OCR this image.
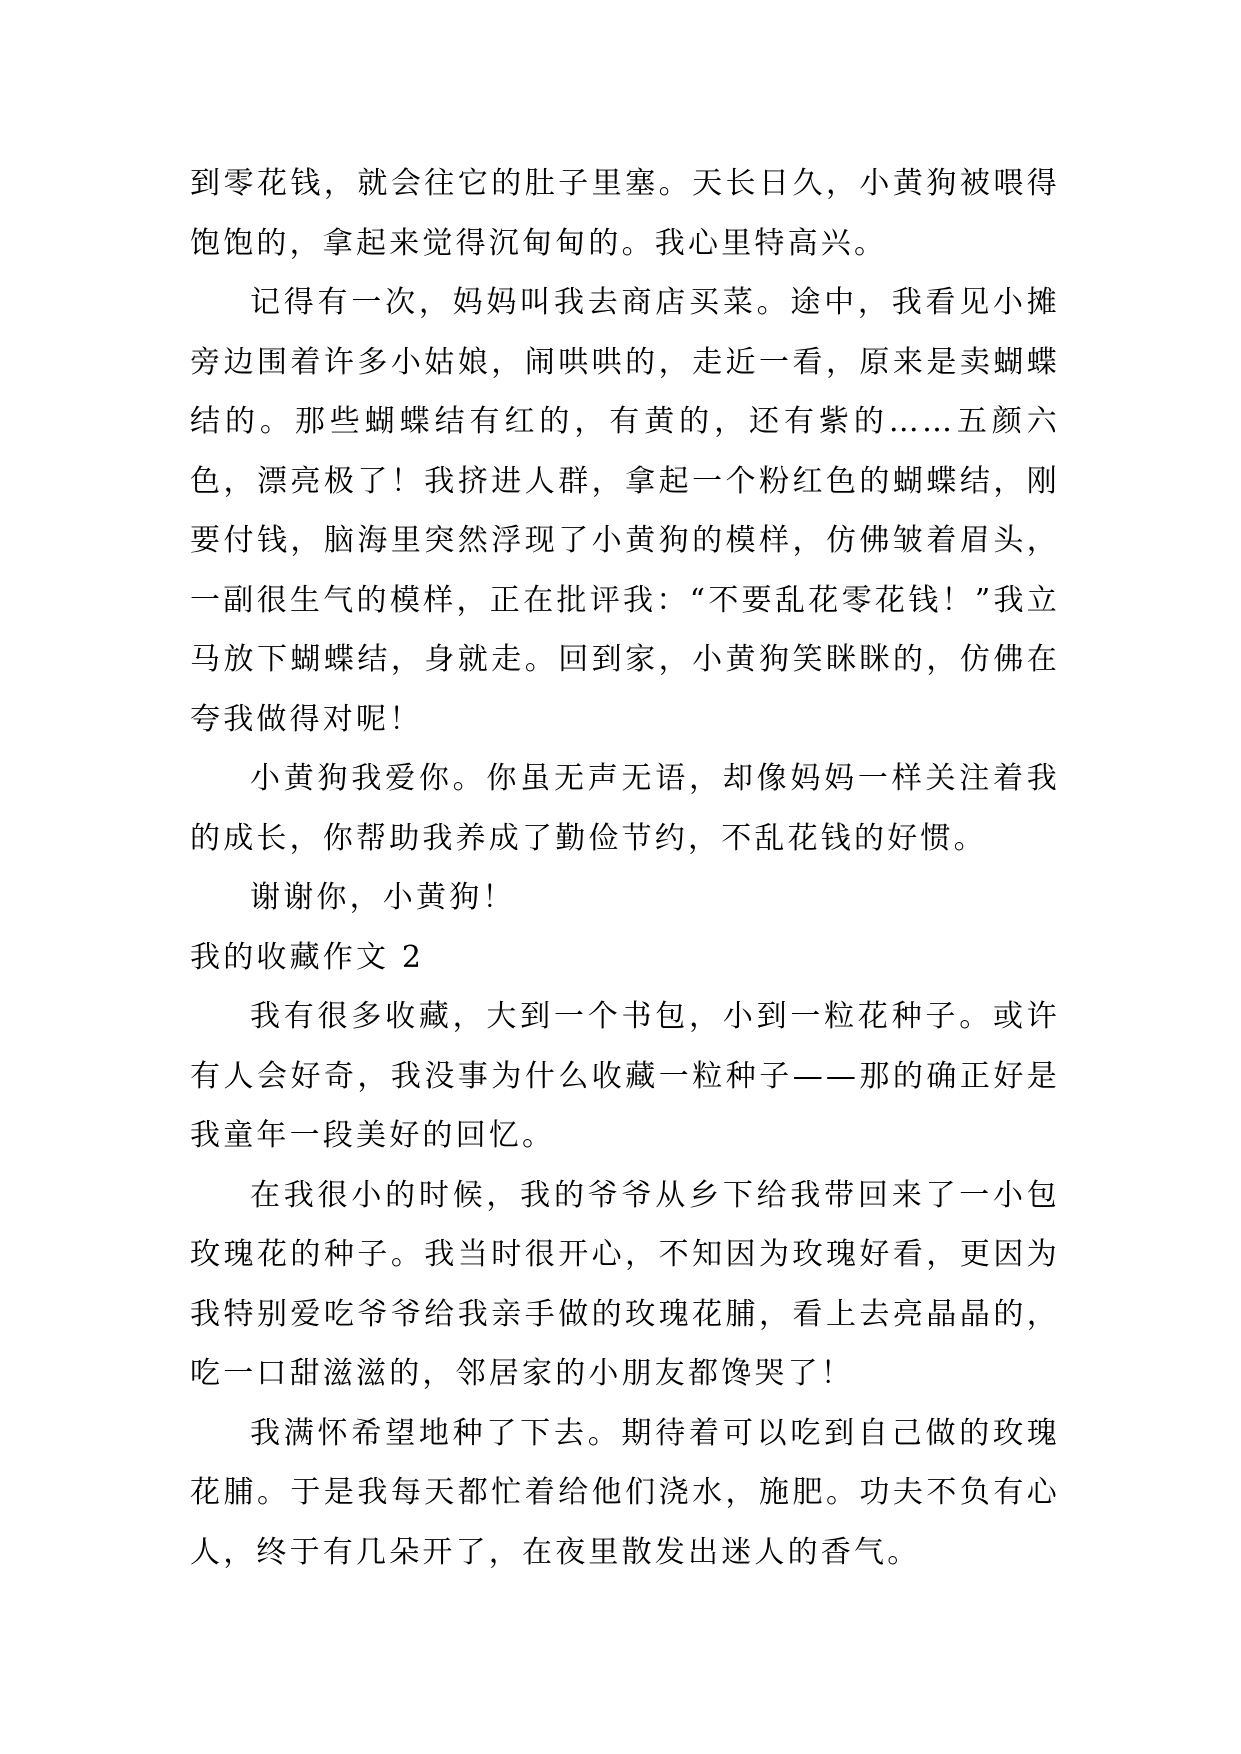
到零花钱，就会往它的肚子里塞。天长日久，小黄狗被喂得饱饱的，拿起来觉得沉甸甸的。我心里特高兴。

记得有一次，妈妈叫我去商店买菜。途中，我看见小摊旁边围着许多小姑娘，闹哄哄的，走近一看，原来是卖蝴蝶结的。那些蝴蝶结有红的，有黄的，还有紫的……五颜六色，漂亮极了！我挤进人群，拿起一个粉红色的蝴蝶结，刚要付钱，脑海里突然浮现了小黄狗的模样，仿佛皱着眉头，一副很生气的模样，正在批评我：“不要乱花零花钱！”我立马放下蝴蝶结，身就走。回到家，小黄狗笑眯眯的，仿佛在夸我做得对呢！

小黄狗我爱你。你虽无声无语，却像妈妈一样关注着我的成长，你帮助我养成了勤俭节约，不乱花钱的好惯。

谢谢你，小黄狗！

我的收藏作文 2

我有很多收藏，大到一个书包，小到一粒花种子。或许有人会好奇，我没事为什么收藏一粒种子——那的确正好是我童年一段美好的回忆。

在我很小的时候，我的爷爷从乡下给我带回来了一小包玫瑰花的种子。我当时很开心，不知因为玫瑰好看，更因为我特别爱吃爷爷给我亲手做的玫瑰花脯，看上去亮晶晶的，吃一口甜滋滋的，邻居家的小朋友都馋哭了！

我满怀希望地种了下去。期待着可以吃到自己做的玫瑰花脯。于是我每天都忙着给他们浇水，施肥。功夫不负有心人，终于有几朵开了，在夜里散发出迷人的香气。
